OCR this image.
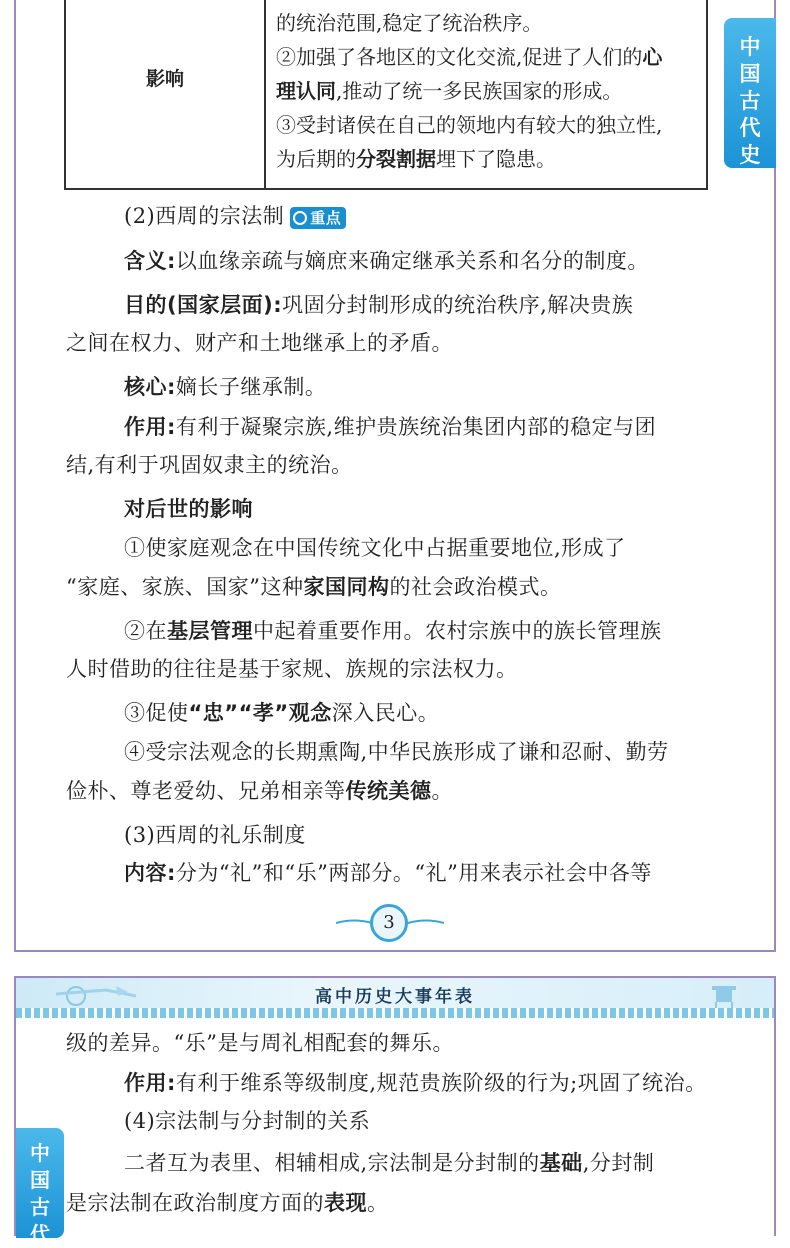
影响

的统治范围,稳定了统治秩序。

②加强了各地区的文化交流,促进了人们的心

理认同,推动了统一多民族国家的形成。

③受封诸侯在自己的领地内有较大的独立性,

为后期的分裂割据埋下了隐患。

中
国
古
代
史
(2)西周的宗法制 重点
含义:以血缘亲疏与嫡庶来确定继承关系和名分的制度。
目的(国家层面):巩固分封制形成的统治秩序,解决贵族
之间在权力、财产和土地继承上的矛盾。
核心:嫡长子继承制。
作用:有利于凝聚宗族,维护贵族统治集团内部的稳定与团
结,有利于巩固奴隶主的统治。
对后世的影响
①使家庭观念在中国传统文化中占据重要地位,形成了
“家庭、家族、国家”这种家国同构的社会政治模式。
②在基层管理中起着重要作用。农村宗族中的族长管理族
人时借助的往往是基于家规、族规的宗法权力。
③促使“忠”“孝”观念深入民心。
④受宗法观念的长期熏陶,中华民族形成了谦和忍耐、勤劳
俭朴、尊老爱幼、兄弟相亲等传统美德。
(3)西周的礼乐制度
内容:分为“礼”和“乐”两部分。“礼”用来表示社会中各等
3
高中历史大事年表
级的差异。“乐”是与周礼相配套的舞乐。
作用:有利于维系等级制度,规范贵族阶级的行为;巩固了统治。
(4)宗法制与分封制的关系
二者互为表里、相辅相成,宗法制是分封制的基础,分封制
是宗法制在政治制度方面的表现。
中
国
古
代
